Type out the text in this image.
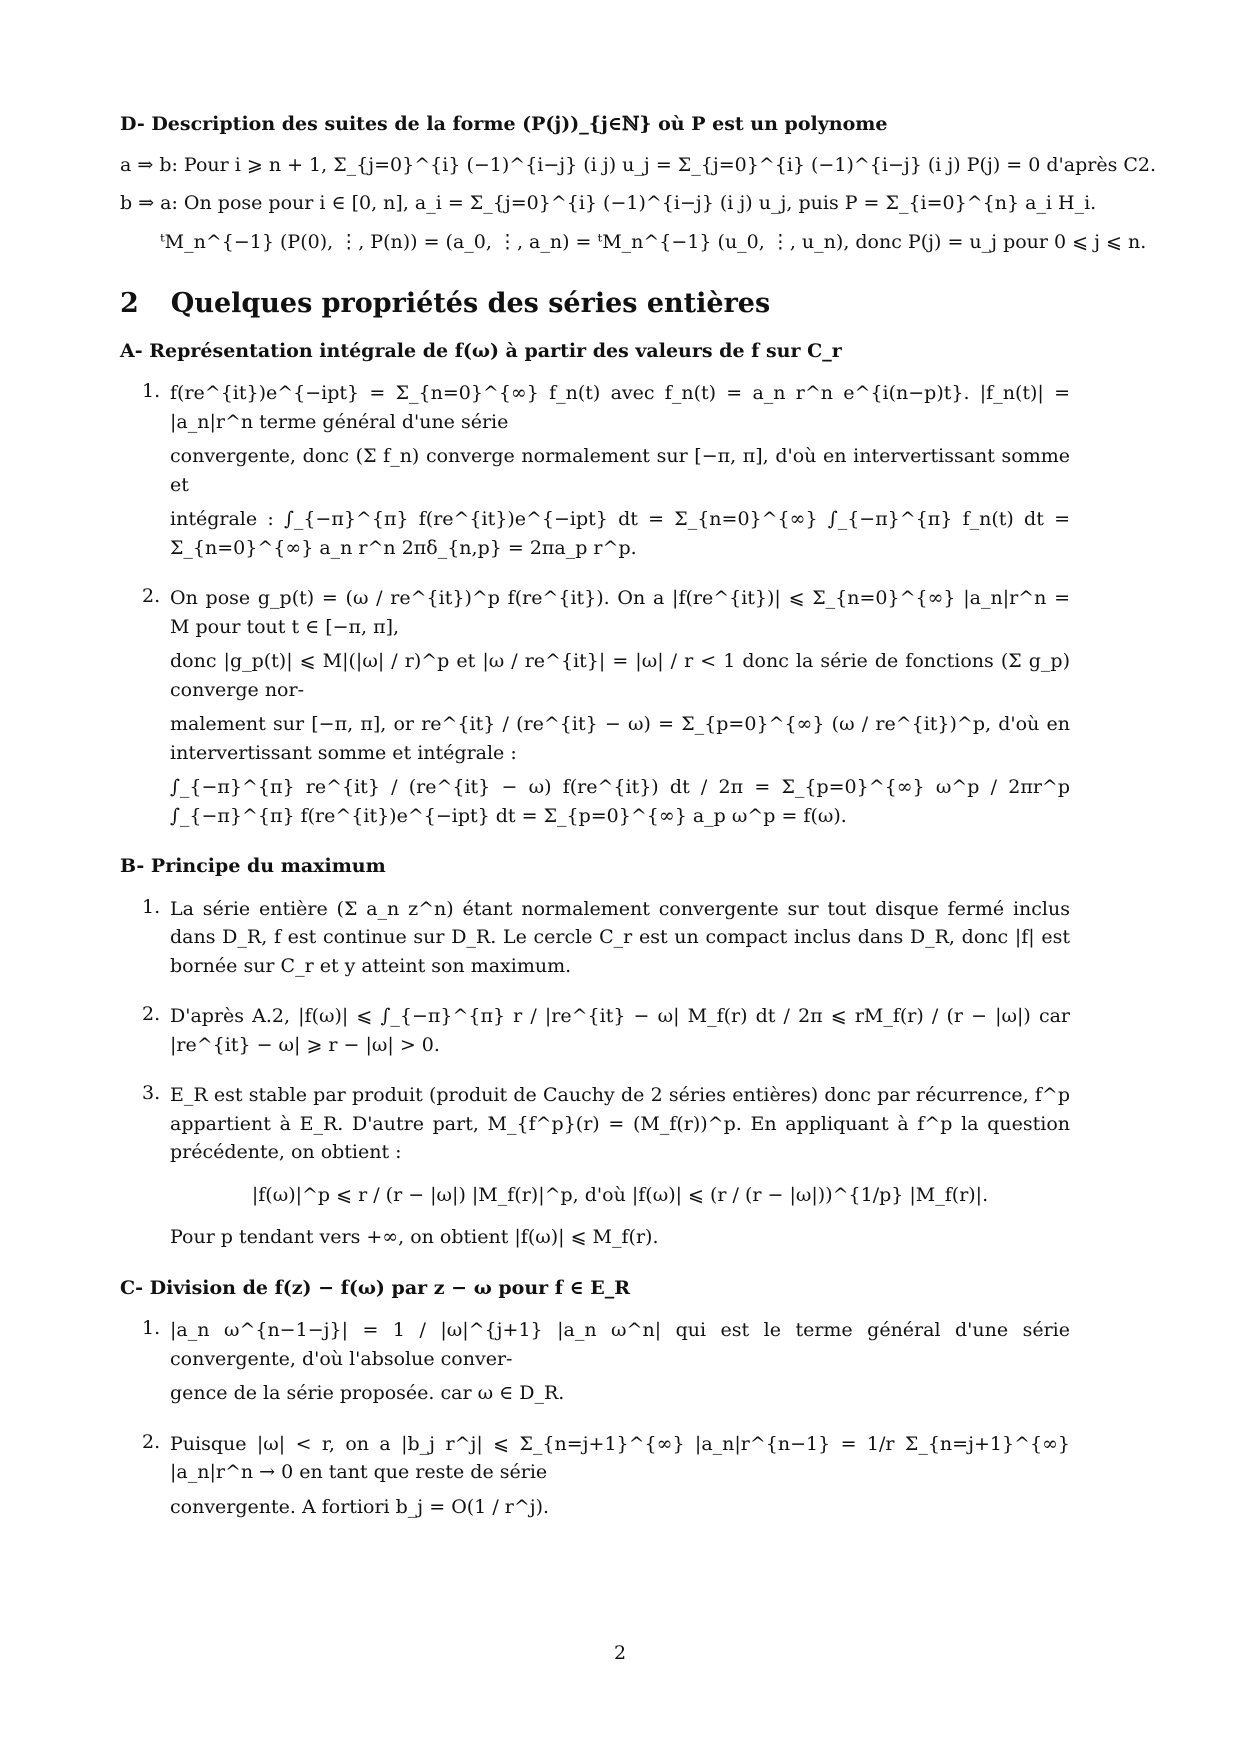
D- Description des suites de la forme (P(j))_{j∈ℕ} où P est un polynome
a ⇒ b: Pour i ⩾ n + 1, Σ_{j=0}^{i} (−1)^{i−j} (i j) u_j = Σ_{j=0}^{i} (−1)^{i−j} (i j) P(j) = 0 d'après C2.
b ⇒ a: On pose pour i ∈ [0, n], a_i = Σ_{j=0}^{i} (−1)^{i−j} (i j) u_j, puis P = Σ_{i=0}^{n} a_i H_i.
ᵗM_n^{−1} (P(0), ⋮, P(n)) = (a_0, ⋮, a_n) = ᵗM_n^{−1} (u_0, ⋮, u_n), donc P(j) = u_j pour 0 ⩽ j ⩽ n.
2 Quelques propriétés des séries entières
A- Représentation intégrale de f(ω) à partir des valeurs de f sur C_r
1. f(re^{it})e^{−ipt} = Σ_{n=0}^{∞} f_n(t) avec f_n(t) = a_n r^n e^{i(n−p)t}. |f_n(t)| = |a_n|r^n terme général d'une série
convergente, donc (Σ f_n) converge normalement sur [−π, π], d'où en intervertissant somme et
intégrale : ∫_{−π}^{π} f(re^{it})e^{−ipt} dt = Σ_{n=0}^{∞} ∫_{−π}^{π} f_n(t) dt = Σ_{n=0}^{∞} a_n r^n 2πδ_{n,p} = 2πa_p r^p.
2. On pose g_p(t) = (ω / re^{it})^p f(re^{it}). On a |f(re^{it})| ⩽ Σ_{n=0}^{∞} |a_n|r^n = M pour tout t ∈ [−π, π],
donc |g_p(t)| ⩽ M|(|ω| / r)^p et |ω / re^{it}| = |ω| / r < 1 donc la série de fonctions (Σ g_p) converge nor-
malement sur [−π, π], or re^{it} / (re^{it} − ω) = Σ_{p=0}^{∞} (ω / re^{it})^p, d'où en intervertissant somme et intégrale :
∫_{−π}^{π} re^{it} / (re^{it} − ω) f(re^{it}) dt / 2π = Σ_{p=0}^{∞} ω^p / 2πr^p ∫_{−π}^{π} f(re^{it})e^{−ipt} dt = Σ_{p=0}^{∞} a_p ω^p = f(ω).
B- Principe du maximum
1. La série entière (Σ a_n z^n) étant normalement convergente sur tout disque fermé inclus dans D_R, f est continue sur D_R. Le cercle C_r est un compact inclus dans D_R, donc |f| est bornée sur C_r et y atteint son maximum.
2. D'après A.2, |f(ω)| ⩽ ∫_{−π}^{π} r / |re^{it} − ω| M_f(r) dt / 2π ⩽ rM_f(r) / (r − |ω|) car |re^{it} − ω| ⩾ r − |ω| > 0.
3. E_R est stable par produit (produit de Cauchy de 2 séries entières) donc par récurrence, f^p appartient à E_R. D'autre part, M_{f^p}(r) = (M_f(r))^p. En appliquant à f^p la question précédente, on obtient :
|f(ω)|^p ⩽ r / (r − |ω|) |M_f(r)|^p, d'où |f(ω)| ⩽ (r / (r − |ω|))^{1/p} |M_f(r)|.
Pour p tendant vers +∞, on obtient |f(ω)| ⩽ M_f(r).
C- Division de f(z) − f(ω) par z − ω pour f ∈ E_R
1. |a_n ω^{n−1−j}| = 1 / |ω|^{j+1} |a_n ω^n| qui est le terme général d'une série convergente, d'où l'absolue conver-
gence de la série proposée. car ω ∈ D_R.
2. Puisque |ω| < r, on a |b_j r^j| ⩽ Σ_{n=j+1}^{∞} |a_n|r^{n−1} = 1/r Σ_{n=j+1}^{∞} |a_n|r^n → 0 en tant que reste de série
convergente. A fortiori b_j = O(1 / r^j).
2
